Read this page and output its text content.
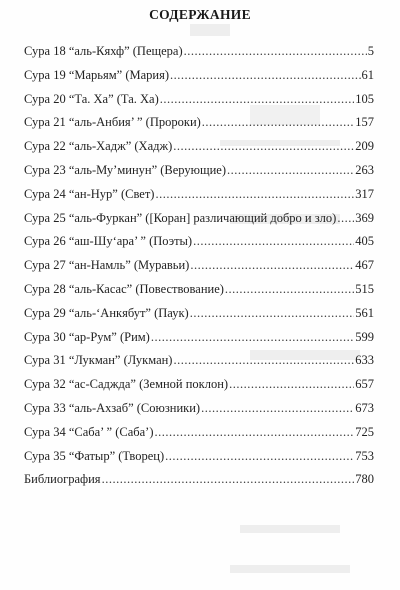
СОДЕРЖАНИЕ
Сура 18 “аль-Кяхф” (Пещера) .....	5
Сура 19 “Марьям” (Мария) .....	61
Сура 20 “Та. Ха” (Та. Ха) .....	105
Сура 21 “аль-Анбия’ ” (Пророки) .....	157
Сура 22 “аль-Хадж” (Хадж) .....	209
Сура 23 “аль-Му’минун” (Верующие) .....	263
Сура 24 “ан-Нур” (Свет) .....	317
Сура 25 “аль-Фуркан” ([Коран] различающий добро и зло) ..... 369
Сура 26 “аш-Шу‘ара’ ” (Поэты) .....	405
Сура 27 “ан-Намль” (Муравьи) .....	467
Сура 28 “аль-Касас” (Повествование) .....	515
Сура 29 “аль-‘Анкябут” (Паук) .....	561
Сура 30 “ар-Рум” (Рим) .....	599
Сура 31 “Лукман” (Лукман) .....	633
Сура 32 “ас-Саджда” (Земной поклон) .....	657
Сура 33 “аль-Ахзаб” (Союзники) .....	673
Сура 34 “Саба’ ” (Саба’) .....	725
Сура 35 “Фатыр” (Творец) .....	753
Библиография .....	780
